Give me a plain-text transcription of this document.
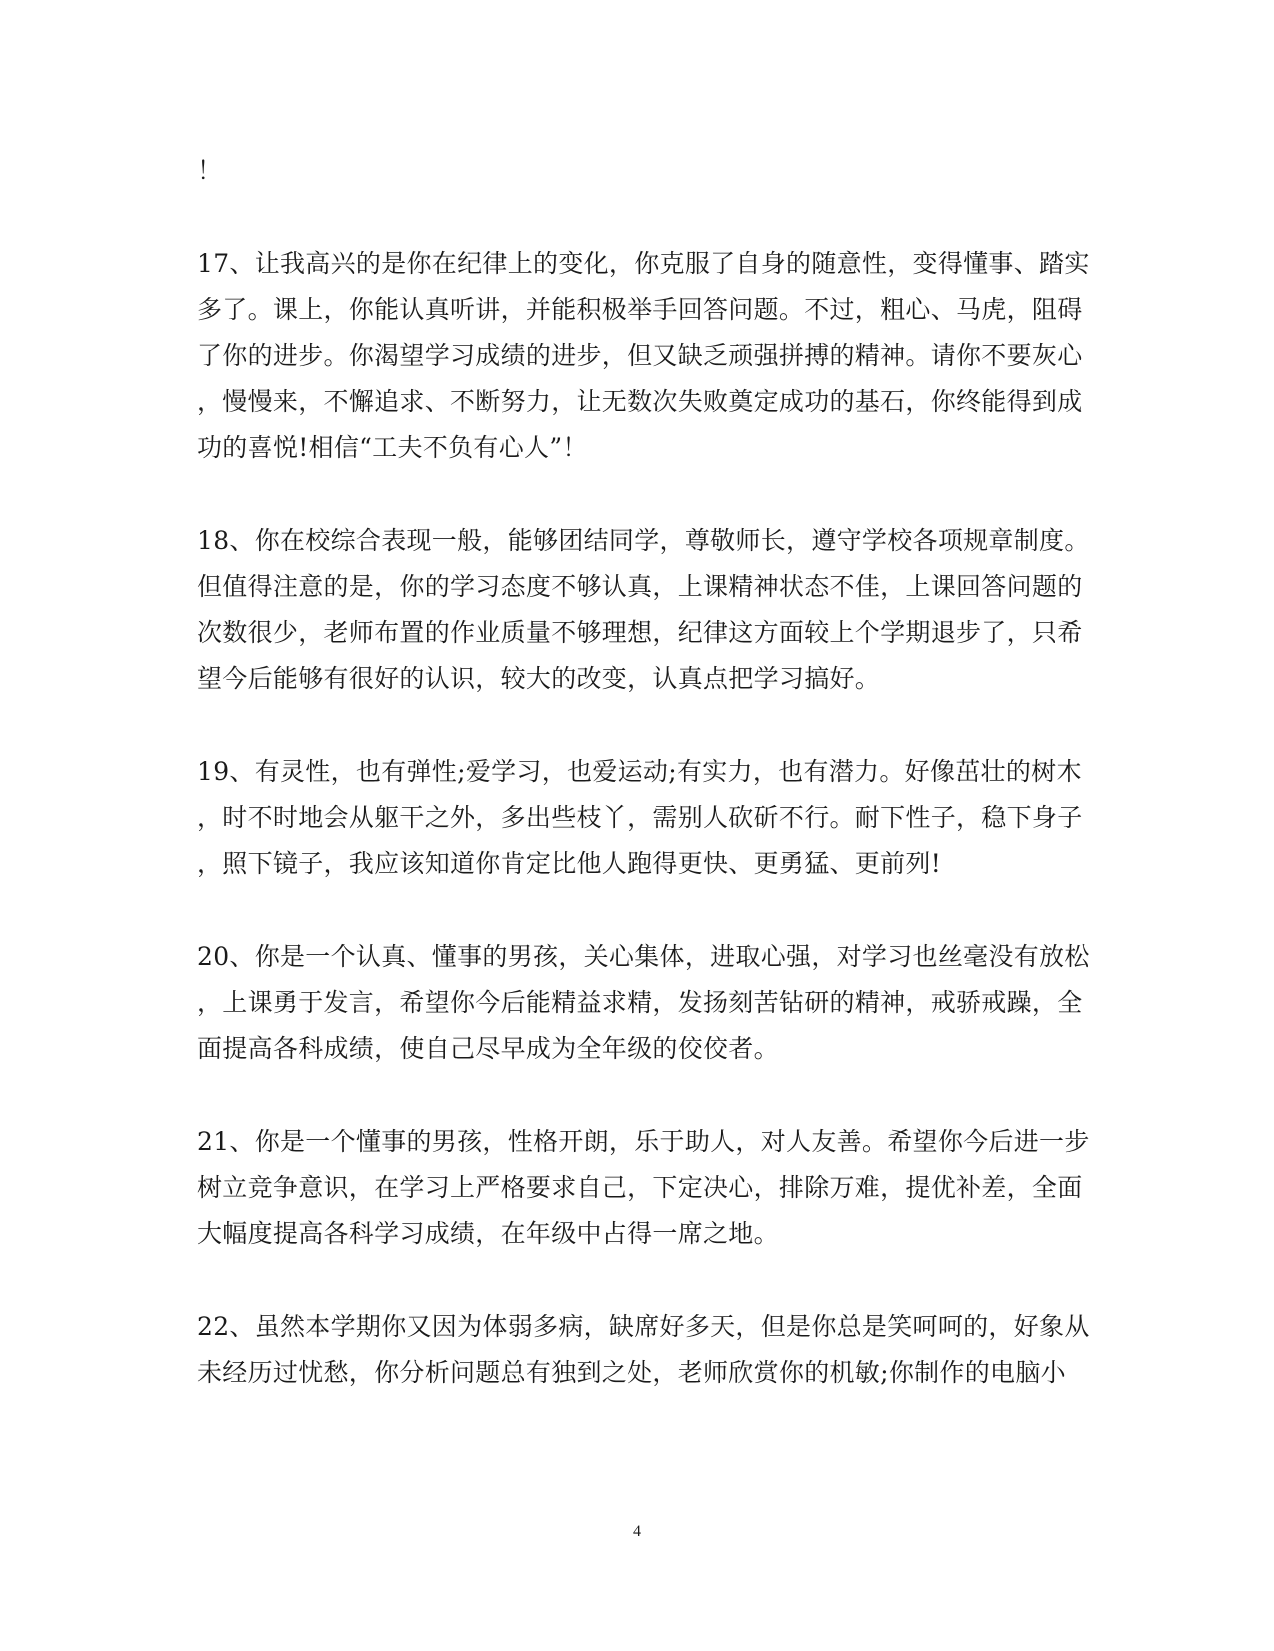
！
17、让我高兴的是你在纪律上的变化，你克服了自身的随意性，变得懂事、踏实
多了。课上，你能认真听讲，并能积极举手回答问题。不过，粗心、马虎，阻碍
了你的进步。你渴望学习成绩的进步，但又缺乏顽强拼搏的精神。请你不要灰心
，慢慢来，不懈追求、不断努力，让无数次失败奠定成功的基石，你终能得到成
功的喜悦!相信“工夫不负有心人”！
18、你在校综合表现一般，能够团结同学，尊敬师长，遵守学校各项规章制度。
但值得注意的是，你的学习态度不够认真，上课精神状态不佳，上课回答问题的
次数很少，老师布置的作业质量不够理想，纪律这方面较上个学期退步了，只希
望今后能够有很好的认识，较大的改变，认真点把学习搞好。
19、有灵性，也有弹性;爱学习，也爱运动;有实力，也有潜力。好像茁壮的树木
，时不时地会从躯干之外，多出些枝丫，需别人砍斫不行。耐下性子，稳下身子
，照下镜子，我应该知道你肯定比他人跑得更快、更勇猛、更前列!
20、你是一个认真、懂事的男孩，关心集体，进取心强，对学习也丝毫没有放松
，上课勇于发言，希望你今后能精益求精，发扬刻苦钻研的精神，戒骄戒躁，全
面提高各科成绩，使自己尽早成为全年级的佼佼者。
21、你是一个懂事的男孩，性格开朗，乐于助人，对人友善。希望你今后进一步
树立竞争意识，在学习上严格要求自己，下定决心，排除万难，提优补差，全面
大幅度提高各科学习成绩，在年级中占得一席之地。
22、虽然本学期你又因为体弱多病，缺席好多天，但是你总是笑呵呵的，好象从
未经历过忧愁，你分析问题总有独到之处，老师欣赏你的机敏;你制作的电脑小
4
